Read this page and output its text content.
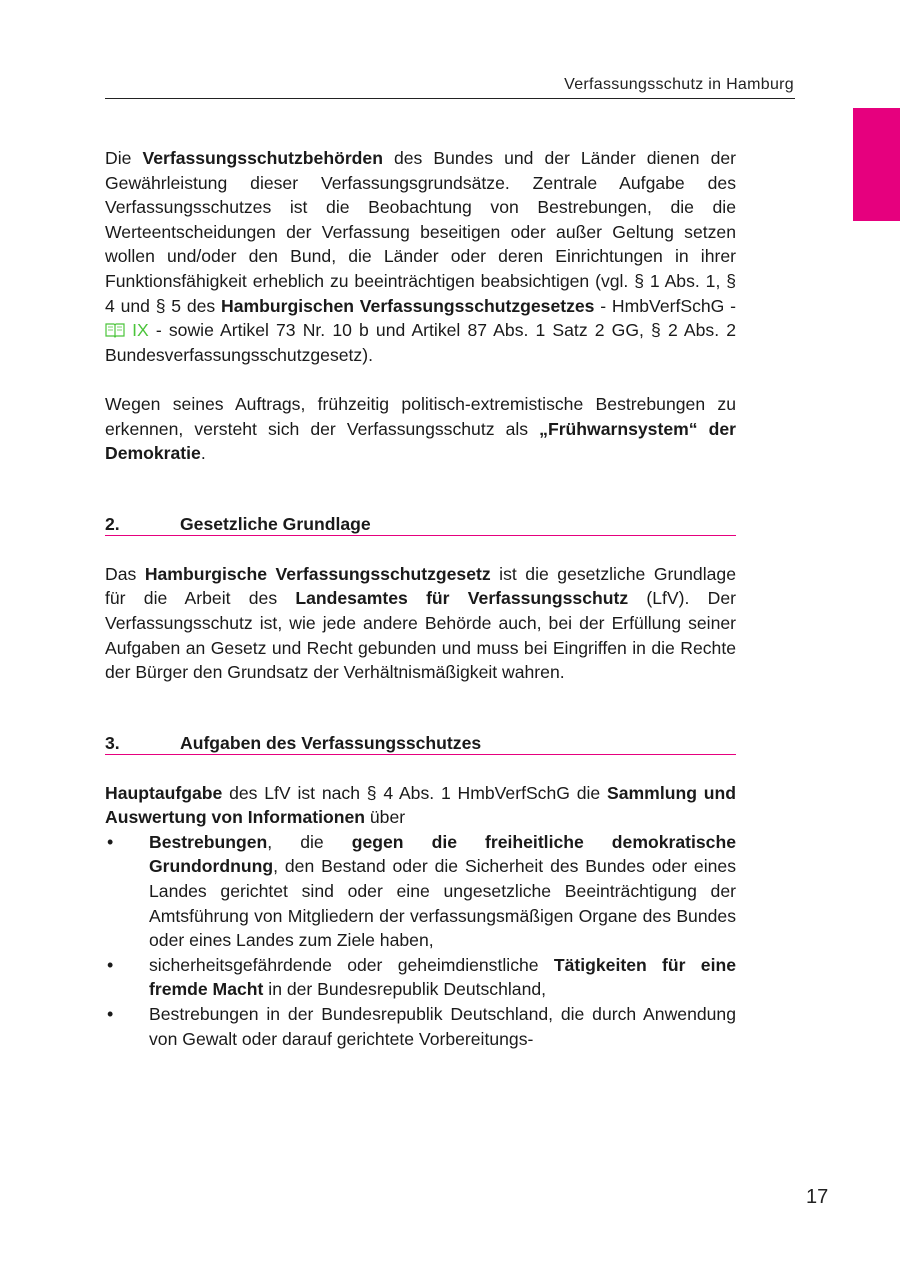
Verfassungsschutz in Hamburg

Die Verfassungsschutzbehörden des Bundes und der Länder dienen der Gewährleistung dieser Verfassungsgrundsätze. Zentrale Aufgabe des Verfassungsschutzes ist die Beobachtung von Bestrebungen, die die Werteentscheidungen der Verfassung beseitigen oder außer Geltung setzen wollen und/oder den Bund, die Länder oder deren Einrichtungen in ihrer Funktionsfähigkeit erheblich zu beeinträchtigen beabsichtigen (vgl. § 1 Abs. 1, § 4 und § 5 des Hamburgischen Verfassungsschutzgesetzes - HmbVerfSchG -  IX - sowie Artikel 73 Nr. 10 b und Artikel 87 Abs. 1 Satz 2 GG, § 2 Abs. 2 Bundesverfassungsschutzgesetz).

Wegen seines Auftrags, frühzeitig politisch-extremistische Bestrebungen zu erkennen, versteht sich der Verfassungsschutz als „Frühwarnsystem“ der Demokratie.

2.	Gesetzliche Grundlage

Das Hamburgische Verfassungsschutzgesetz ist die gesetzliche Grundlage für die Arbeit des Landesamtes für Verfassungsschutz (LfV). Der Verfassungsschutz ist, wie jede andere Behörde auch, bei der Erfüllung seiner Aufgaben an Gesetz und Recht gebunden und muss bei Eingriffen in die Rechte der Bürger den Grundsatz der Verhältnismäßigkeit wahren.

3.	Aufgaben des Verfassungsschutzes

Hauptaufgabe des LfV ist nach § 4 Abs. 1 HmbVerfSchG die Sammlung und Auswertung von Informationen über

• Bestrebungen, die gegen die freiheitliche demokratische Grundordnung, den Bestand oder die Sicherheit des Bundes oder eines Landes gerichtet sind oder eine ungesetzliche Beeinträchtigung der Amtsführung von Mitgliedern der verfassungsmäßigen Organe des Bundes oder eines Landes zum Ziele haben,
• sicherheitsgefährdende oder geheimdienstliche Tätigkeiten für eine fremde Macht in der Bundesrepublik Deutschland,
• Bestrebungen in der Bundesrepublik Deutschland, die durch Anwendung von Gewalt oder darauf gerichtete Vorbereitungs-
17
